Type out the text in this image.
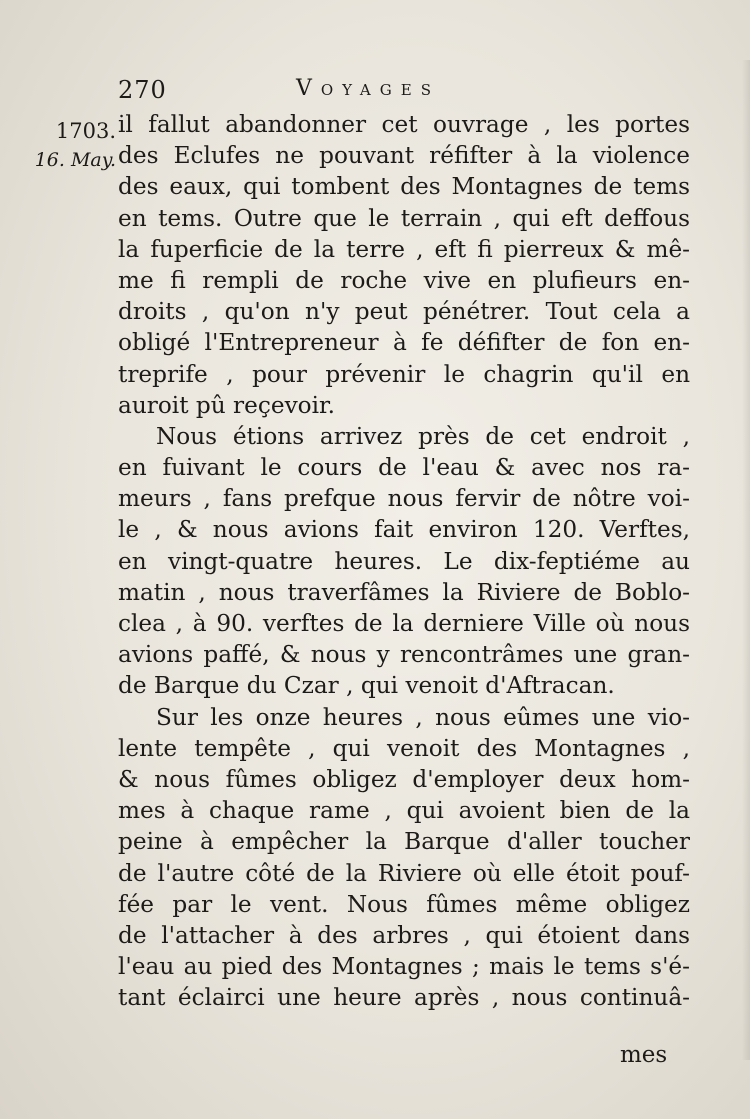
270	Voyages
1703.
16. May.
il fallut abandonner cet ouvrage , les portes
des Eclufes ne pouvant réfifter à la violence
des eaux, qui tombent des Montagnes de tems
en tems. Outre que le terrain , qui eft deffous
la fuperficie de la terre , eft fi pierreux & mê-
me fi rempli de roche vive en plufieurs en-
droits , qu'on n'y peut pénétrer. Tout cela a
obligé l'Entrepreneur à fe défifter de fon en-
treprife , pour prévenir le chagrin qu'il en
auroit pû reçevoir.
Nous étions arrivez près de cet endroit ,
en fuivant le cours de l'eau & avec nos ra-
meurs , fans prefque nous fervir de nôtre voi-
le , & nous avions fait environ 120. Verftes,
en vingt-quatre heures. Le dix-feptiéme au
matin , nous traverfâmes la Riviere de Boblo-
clea , à 90. verftes de la derniere Ville où nous
avions paffé, & nous y rencontrâmes une gran-
de Barque du Czar , qui venoit d'Aftracan.
Sur les onze heures , nous eûmes une vio-
lente tempête , qui venoit des Montagnes ,
& nous fûmes obligez d'employer deux hom-
mes à chaque rame , qui avoient bien de la
peine à empêcher la Barque d'aller toucher
de l'autre côté de la Riviere où elle étoit pouf-
fée par le vent. Nous fûmes même obligez
de l'attacher à des arbres , qui étoient dans
l'eau au pied des Montagnes ; mais le tems s'é-
tant éclairci une heure après , nous continuâ-
mes
